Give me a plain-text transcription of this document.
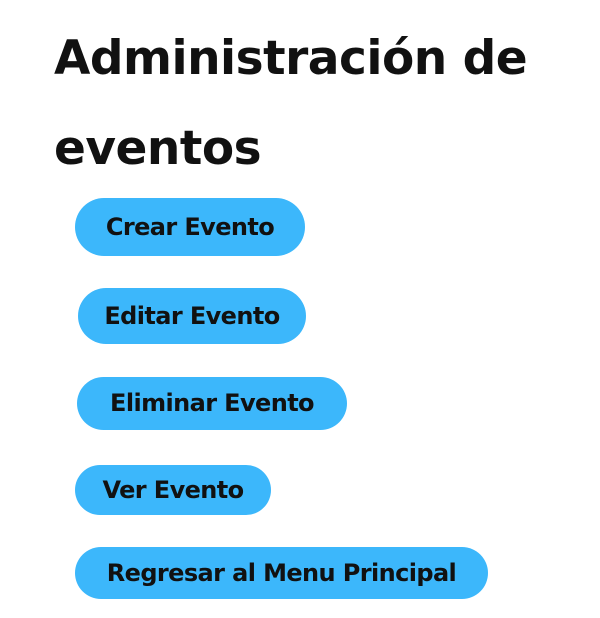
Administración de eventos
Crear Evento
Editar Evento
Eliminar Evento
Ver Evento
Regresar al Menu Principal
